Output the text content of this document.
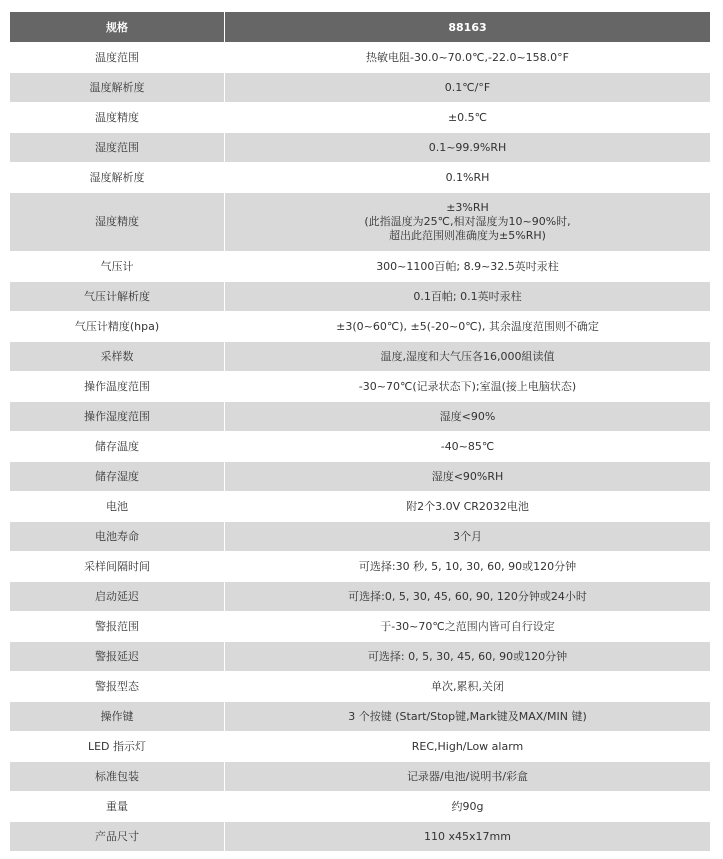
规格	88163
温度范围	热敏电阻-30.0~70.0℃,-22.0~158.0°F
温度解析度	0.1℃/°F
温度精度	±0.5℃
湿度范围	0.1~99.9%RH
湿度解析度	0.1%RH
湿度精度	±3%RH
(此指温度为25℃,相对湿度为10~90%时,
超出此范围则准确度为±5%RH)
气压计	300~1100百帕; 8.9~32.5英吋汞柱
气压计解析度	0.1百帕; 0.1英吋汞柱
气压计精度(hpa)	±3(0~60℃), ±5(-20~0℃), 其余温度范围则不确定
采样数	温度,湿度和大气压各16,000組读值
操作温度范围	-30~70℃(记录状态下);室温(接上电脑状态)
操作湿度范围	湿度<90%
储存温度	-40~85℃
储存湿度	湿度<90%RH
电池	附2个3.0V CR2032电池
电池寿命	3个月
采样间隔时间	可选择:30 秒, 5, 10, 30, 60, 90或120分钟
启动延迟	可选择:0, 5, 30, 45, 60, 90, 120分钟或24小时
警报范围	于-30~70℃之范围内皆可自行设定
警报延迟	可选择: 0, 5, 30, 45, 60, 90或120分钟
警报型态	单次,累积,关闭
操作键	3 个按键 (Start/Stop键,Mark键及MAX/MIN 键)
LED 指示灯	REC,High/Low alarm
标准包装	记录器/电池/说明书/彩盒
重量	约90g
产品尺寸	110 x45x17mm
